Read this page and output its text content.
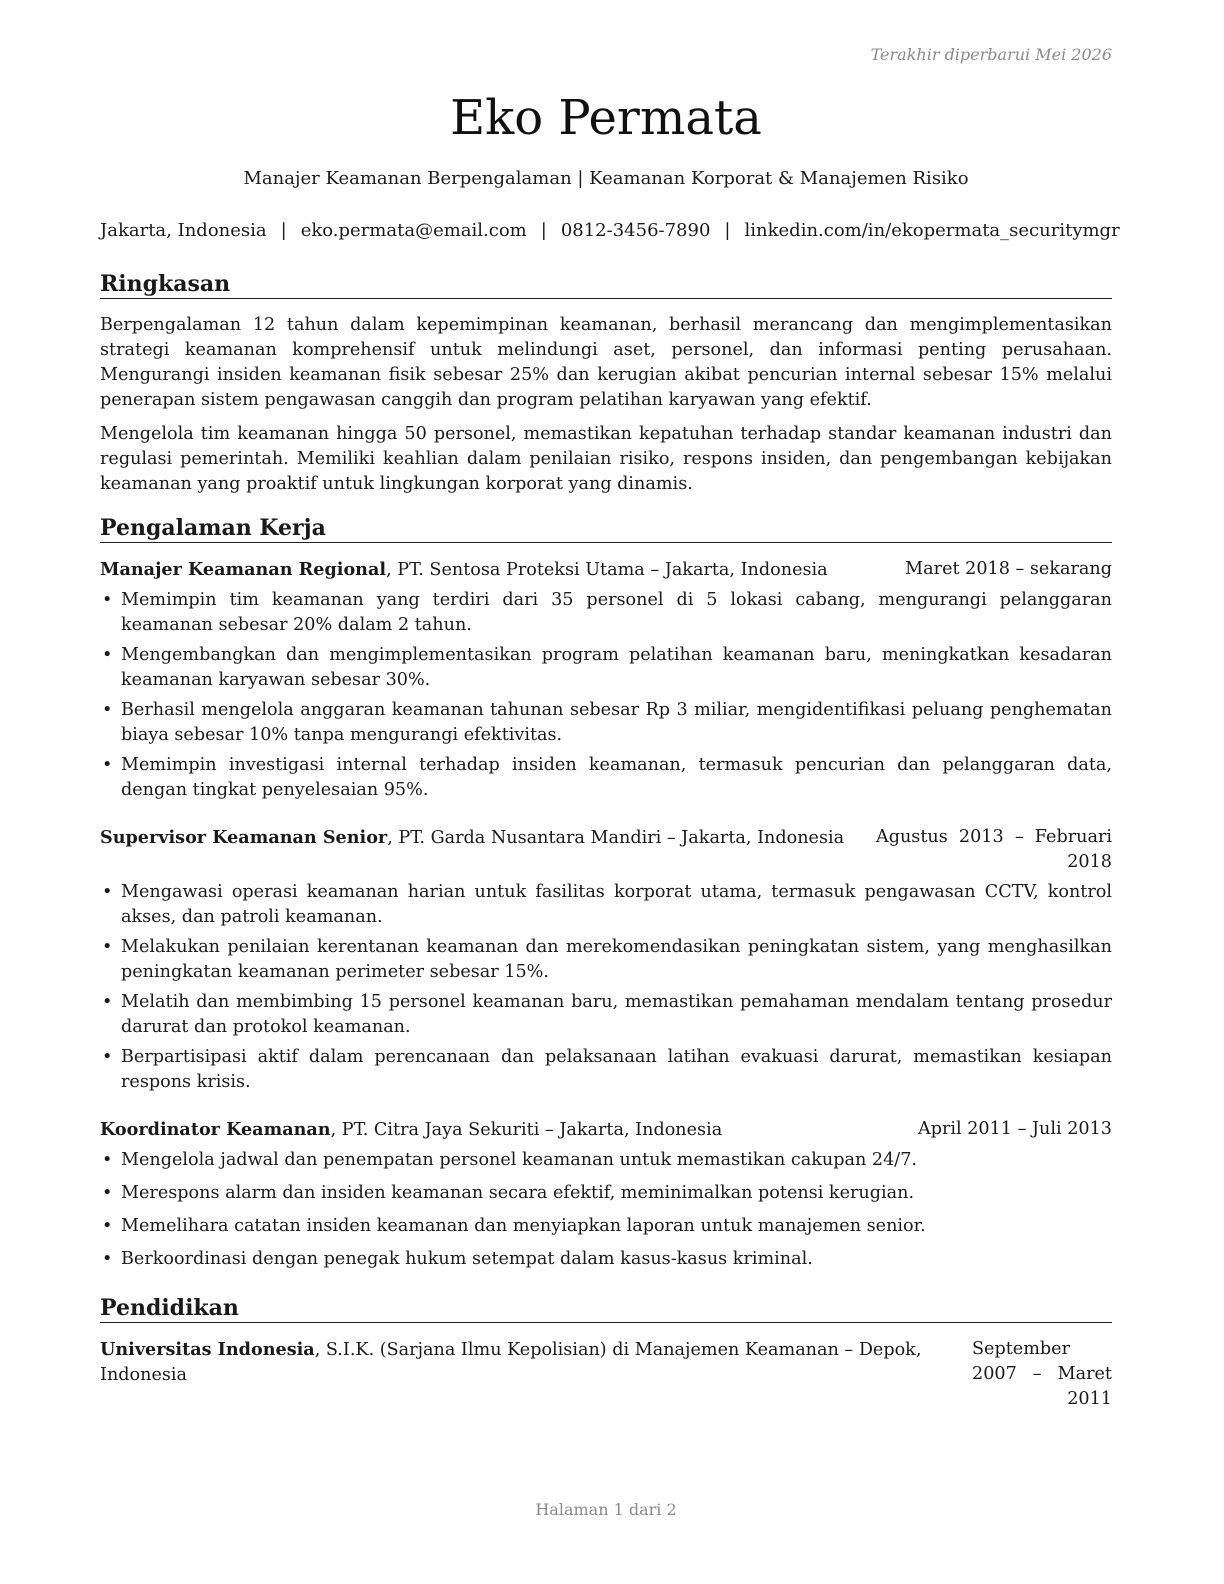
Terakhir diperbarui Mei 2026
Eko Permata
Manajer Keamanan Berpengalaman | Keamanan Korporat & Manajemen Risiko
Jakarta, Indonesia | eko.permata@email.com | 0812-3456-7890 | linkedin.com/in/ekopermata_securitymgr
Ringkasan

Berpengalaman 12 tahun dalam kepemimpinan keamanan, berhasil merancang dan mengimplementasikan strategi keamanan komprehensif untuk melindungi aset, personel, dan informasi penting perusahaan. Mengurangi insiden keamanan fisik sebesar 25% dan kerugian akibat pencurian internal sebesar 15% melalui penerapan sistem pengawasan canggih dan program pelatihan karyawan yang efektif.

Mengelola tim keamanan hingga 50 personel, memastikan kepatuhan terhadap standar keamanan industri dan regulasi pemerintah. Memiliki keahlian dalam penilaian risiko, respons insiden, dan pengembangan kebijakan keamanan yang proaktif untuk lingkungan korporat yang dinamis.

Pengalaman Kerja
Manajer Keamanan Regional, PT. Sentosa Proteksi Utama – Jakarta, Indonesia	Maret 2018 – sekarang
• Memimpin tim keamanan yang terdiri dari 35 personel di 5 lokasi cabang, mengurangi pelanggaran keamanan sebesar 20% dalam 2 tahun.
• Mengembangkan dan mengimplementasikan program pelatihan keamanan baru, meningkatkan kesadaran keamanan karyawan sebesar 30%.
• Berhasil mengelola anggaran keamanan tahunan sebesar Rp 3 miliar, mengidentifikasi peluang penghematan biaya sebesar 10% tanpa mengurangi efektivitas.
• Memimpin investigasi internal terhadap insiden keamanan, termasuk pencurian dan pelanggaran data, dengan tingkat penyelesaian 95%.
Supervisor Keamanan Senior, PT. Garda Nusantara Mandiri – Jakarta, Indonesia	Agustus 2013 – Februari 2018
• Mengawasi operasi keamanan harian untuk fasilitas korporat utama, termasuk pengawasan CCTV, kontrol akses, dan patroli keamanan.
• Melakukan penilaian kerentanan keamanan dan merekomendasikan peningkatan sistem, yang menghasilkan peningkatan keamanan perimeter sebesar 15%.
• Melatih dan membimbing 15 personel keamanan baru, memastikan pemahaman mendalam tentang prosedur darurat dan protokol keamanan.
• Berpartisipasi aktif dalam perencanaan dan pelaksanaan latihan evakuasi darurat, memastikan kesiapan respons krisis.
Koordinator Keamanan, PT. Citra Jaya Sekuriti – Jakarta, Indonesia	April 2011 – Juli 2013
• Mengelola jadwal dan penempatan personel keamanan untuk memastikan cakupan 24/7.
• Merespons alarm dan insiden keamanan secara efektif, meminimalkan potensi kerugian.
• Memelihara catatan insiden keamanan dan menyiapkan laporan untuk manajemen senior.
• Berkoordinasi dengan penegak hukum setempat dalam kasus-kasus kriminal.
Pendidikan
Universitas Indonesia, S.I.K. (Sarjana Ilmu Kepolisian) di Manajemen Keamanan – Depok, Indonesia
September 2007 – Maret 2011
Halaman 1 dari 2
